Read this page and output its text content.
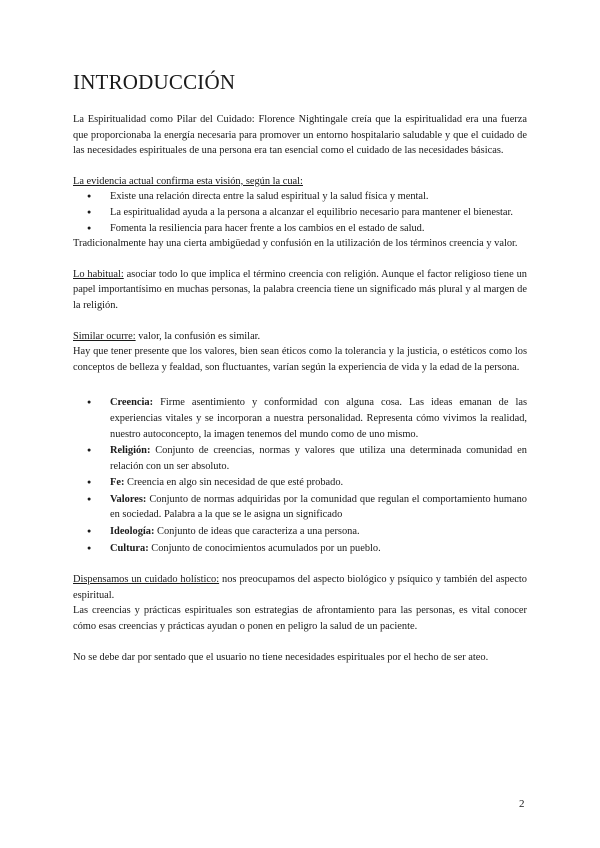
INTRODUCCIÓN

La Espiritualidad como Pilar del Cuidado: Florence Nightingale creía que la espiritualidad era una fuerza que proporcionaba la energía necesaria para promover un entorno hospitalario saludable y que el cuidado de las necesidades espirituales de una persona era tan esencial como el cuidado de las necesidades básicas.

La evidencia actual confirma esta visión, según la cual:

● Existe una relación directa entre la salud espiritual y la salud física y mental.
● La espiritualidad ayuda a la persona a alcanzar el equilibrio necesario para mantener el bienestar.
● Fomenta la resiliencia para hacer frente a los cambios en el estado de salud.

Tradicionalmente hay una cierta ambigüedad y confusión en la utilización de los términos creencia y valor.

Lo habitual: asociar todo lo que implica el término creencia con religión. Aunque el factor religioso tiene un papel importantísimo en muchas personas, la palabra creencia tiene un significado más plural y al margen de la religión.

Similar ocurre: valor, la confusión es similar.

Hay que tener presente que los valores, bien sean éticos como la tolerancia y la justicia, o estéticos como los conceptos de belleza y fealdad, son fluctuantes, varían según la experiencia de vida y la edad de la persona.

● Creencia: Firme asentimiento y conformidad con alguna cosa. Las ideas emanan de las experiencias vitales y se incorporan a nuestra personalidad. Representa cómo vivimos la realidad, nuestro autoconcepto, la imagen tenemos del mundo como de uno mismo.
● Religión: Conjunto de creencias, normas y valores que utiliza una determinada comunidad en relación con un ser absoluto.
● Fe: Creencia en algo sin necesidad de que esté probado.
● Valores: Conjunto de normas adquiridas por la comunidad que regulan el comportamiento humano en sociedad. Palabra a la que se le asigna un significado
● Ideología: Conjunto de ideas que caracteriza a una persona.
● Cultura: Conjunto de conocimientos acumulados por un pueblo.

Dispensamos un cuidado holístico: nos preocupamos del aspecto biológico y psíquico y también del aspecto espiritual.

Las creencias y prácticas espirituales son estrategias de afrontamiento para las personas, es vital conocer cómo esas creencias y prácticas ayudan o ponen en peligro la salud de un paciente.

No se debe dar por sentado que el usuario no tiene necesidades espirituales por el hecho de ser ateo.

2
